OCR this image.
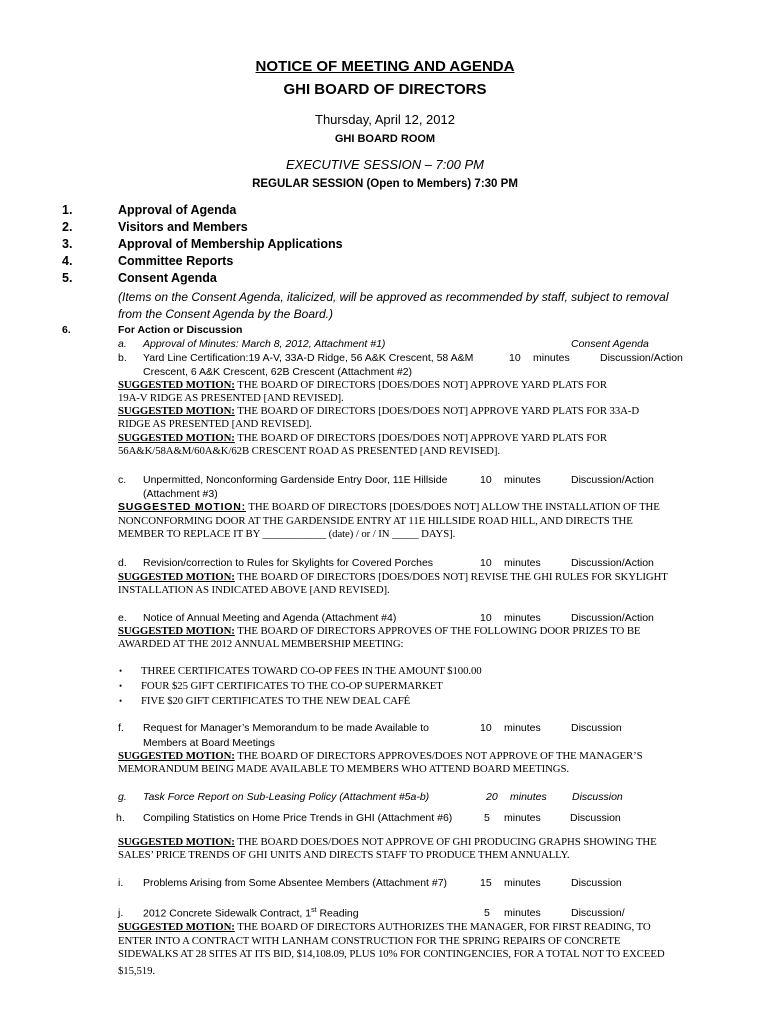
NOTICE OF MEETING AND AGENDA
GHI BOARD OF DIRECTORS
Thursday, April 12, 2012
GHI BOARD ROOM
EXECUTIVE SESSION – 7:00 PM
REGULAR SESSION (Open to Members) 7:30 PM
1.	Approval of Agenda
2.	Visitors and Members
3.	Approval of Membership Applications
4.	Committee Reports
5.	Consent Agenda
(Items on the Consent Agenda, italicized, will be approved as recommended by staff, subject to removal
from the Consent Agenda by the Board.)
6.	For Action or Discussion
a. Approval of Minutes: March 8, 2012, Attachment #1)	Consent Agenda
b. Yard Line Certification:19 A-V, 33A-D Ridge, 56 A&K Crescent, 58 A&M	10 minutes	Discussion/Action
Crescent, 6 A&K Crescent, 62B Crescent (Attachment #2)
SUGGESTED MOTION: THE BOARD OF DIRECTORS [DOES/DOES NOT] APPROVE YARD PLATS FOR
19A-V RIDGE AS PRESENTED [AND REVISED].
SUGGESTED MOTION: THE BOARD OF DIRECTORS [DOES/DOES NOT] APPROVE YARD PLATS FOR 33A-D
RIDGE AS PRESENTED [AND REVISED].
SUGGESTED MOTION: THE BOARD OF DIRECTORS [DOES/DOES NOT] APPROVE YARD PLATS FOR
56A&K/58A&M/60A&K/62B CRESCENT ROAD AS PRESENTED [AND REVISED].
c. Unpermitted, Nonconforming Gardenside Entry Door, 11E Hillside	10 minutes	Discussion/Action
(Attachment #3)
SUGGESTED MOTION: THE BOARD OF DIRECTORS [DOES/DOES NOT] ALLOW THE INSTALLATION OF THE
NONCONFORMING DOOR AT THE GARDENSIDE ENTRY AT 11E HILLSIDE ROAD HILL, AND DIRECTS THE
MEMBER TO REPLACE IT BY ____________ (date) / or / IN _____ DAYS].
d. Revision/correction to Rules for Skylights for Covered Porches	10 minutes	Discussion/Action
SUGGESTED MOTION: THE BOARD OF DIRECTORS [DOES/DOES NOT] REVISE THE GHI RULES FOR SKYLIGHT
INSTALLATION AS INDICATED ABOVE [AND REVISED].
e. Notice of Annual Meeting and Agenda (Attachment #4)	10 minutes	Discussion/Action
SUGGESTED MOTION: THE BOARD OF DIRECTORS APPROVES OF THE FOLLOWING DOOR PRIZES TO BE
AWARDED AT THE 2012 ANNUAL MEMBERSHIP MEETING:
• THREE CERTIFICATES TOWARD CO-OP FEES IN THE AMOUNT $100.00
• FOUR $25 GIFT CERTIFICATES TO THE CO-OP SUPERMARKET
• FIVE $20 GIFT CERTIFICATES TO THE NEW DEAL CAFÉ
f. Request for Manager’s Memorandum to be made Available to	10 minutes	Discussion
Members at Board Meetings
SUGGESTED MOTION: THE BOARD OF DIRECTORS APPROVES/DOES NOT APPROVE OF THE MANAGER’S
MEMORANDUM BEING MADE AVAILABLE TO MEMBERS WHO ATTEND BOARD MEETINGS.
g. Task Force Report on Sub-Leasing Policy (Attachment #5a-b)	20 minutes Discussion
h. Compiling Statistics on Home Price Trends in GHI (Attachment #6)	5 minutes	Discussion
SUGGESTED MOTION: THE BOARD DOES/DOES NOT APPROVE OF GHI PRODUCING GRAPHS SHOWING THE
SALES’ PRICE TRENDS OF GHI UNITS AND DIRECTS STAFF TO PRODUCE THEM ANNUALLY.
i. Problems Arising from Some Absentee Members (Attachment #7)	15 minutes	Discussion
j. 2012 Concrete Sidewalk Contract, 1st Reading	5 minutes	Discussion/
SUGGESTED MOTION: THE BOARD OF DIRECTORS AUTHORIZES THE MANAGER, FOR FIRST READING, TO
ENTER INTO A CONTRACT WITH LANHAM CONSTRUCTION FOR THE SPRING REPAIRS OF CONCRETE
SIDEWALKS AT 28 SITES AT ITS BID, $14,108.09, PLUS 10% FOR CONTINGENCIES, FOR A TOTAL NOT TO EXCEED
$15,519.
